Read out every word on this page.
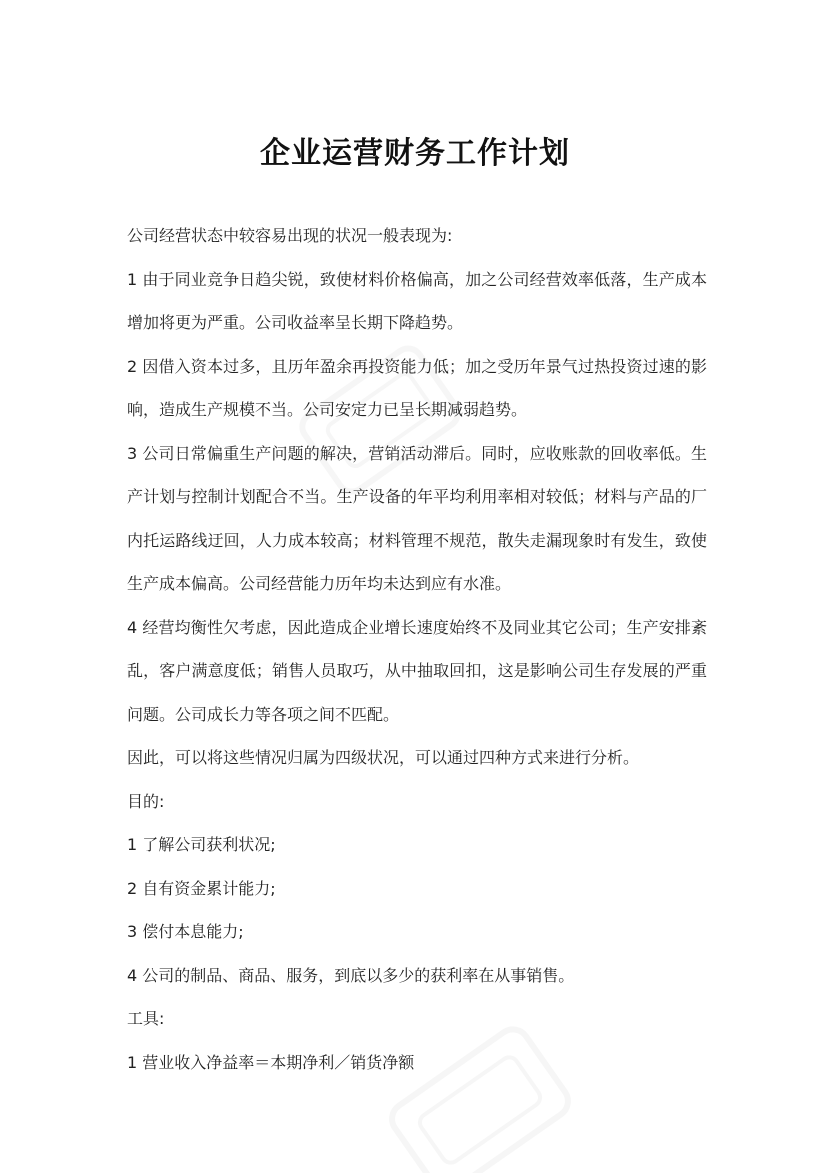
企业运营财务工作计划

公司经营状态中较容易出现的状况一般表现为:

1 由于同业竞争日趋尖锐，致使材料价格偏高，加之公司经营效率低落，生产成本增加将更为严重。公司收益率呈长期下降趋势。

2 因借入资本过多，且历年盈余再投资能力低；加之受历年景气过热投资过速的影响，造成生产规模不当。公司安定力已呈长期减弱趋势。

3 公司日常偏重生产问题的解决，营销活动滞后。同时，应收账款的回收率低。生产计划与控制计划配合不当。生产设备的年平均利用率相对较低；材料与产品的厂内托运路线迂回，人力成本较高；材料管理不规范，散失走漏现象时有发生，致使生产成本偏高。公司经营能力历年均未达到应有水准。

4 经营均衡性欠考虑，因此造成企业增长速度始终不及同业其它公司；生产安排紊乱，客户满意度低；销售人员取巧，从中抽取回扣，这是影响公司生存发展的严重问题。公司成长力等各项之间不匹配。

因此，可以将这些情况归属为四级状况，可以通过四种方式来进行分析。

目的:

1 了解公司获利状况;

2 自有资金累计能力;

3 偿付本息能力;

4 公司的制品、商品、服务，到底以多少的获利率在从事销售。

工具:

1 营业收入净益率＝本期净利／销货净额
